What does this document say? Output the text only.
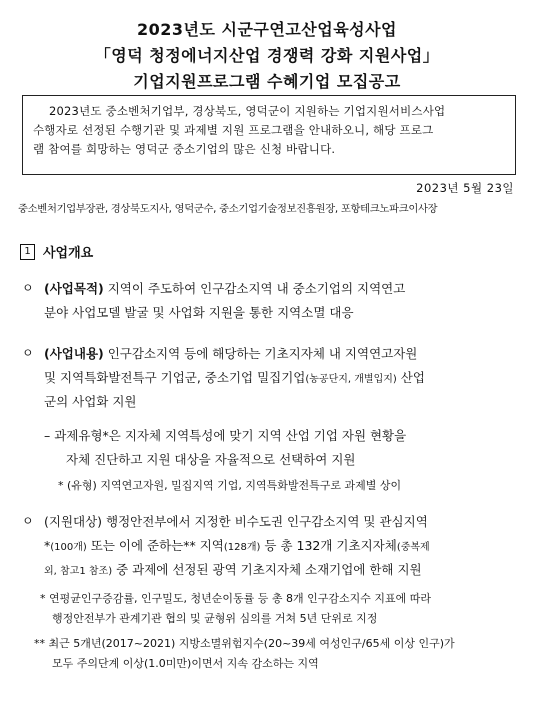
2023년도 시군구연고산업육성사업
「영덕 청정에너지산업 경쟁력 강화 지원사업」
기업지원프로그램 수혜기업 모집공고
2023년도 중소벤처기업부, 경상북도, 영덕군이 지원하는 기업지원서비스사업
수행자로 선정된 수행기관 및 과제별 지원 프로그램을 안내하오니, 해당 프로그
램 참여를 희망하는 영덕군 중소기업의 많은 신청 바랍니다.
2023년 5월 23일
중소벤처기업부장관, 경상북도지사, 영덕군수, 중소기업기술정보진흥원장, 포항테크노파크이사장
1 사업개요
ㅇ (사업목적) 지역이 주도하여 인구감소지역 내 중소기업의 지역연고
분야 사업모델 발굴 및 사업화 지원을 통한 지역소멸 대응
ㅇ (사업내용) 인구감소지역 등에 해당하는 기초지자체 내 지역연고자원
및 지역특화발전특구 기업군, 중소기업 밀집기업(농공단지, 개별입지) 산업
군의 사업화 지원
– 과제유형*은 지자체 지역특성에 맞기 지역 산업 기업 자원 현황을
자체 진단하고 지원 대상을 자율적으로 선택하여 지원
* (유형) 지역연고자원, 밀집지역 기업, 지역특화발전특구로 과제별 상이
ㅇ (지원대상) 행정안전부에서 지정한 비수도권 인구감소지역 및 관심지역
*(100개) 또는 이에 준하는** 지역(128개) 등 총 132개 기초지자체(중복제
외, 참고1 참조) 중 과제에 선정된 광역 기초지자체 소재기업에 한해 지원
* 연평균인구증감률, 인구밀도, 청년순이동률 등 총 8개 인구감소지수 지표에 따라
행정안전부가 관계기관 협의 및 균형위 심의를 거쳐 5년 단위로 지정
** 최근 5개년(2017~2021) 지방소멸위험지수(20~39세 여성인구/65세 이상 인구)가
모두 주의단계 이상(1.0미만)이면서 지속 감소하는 지역
